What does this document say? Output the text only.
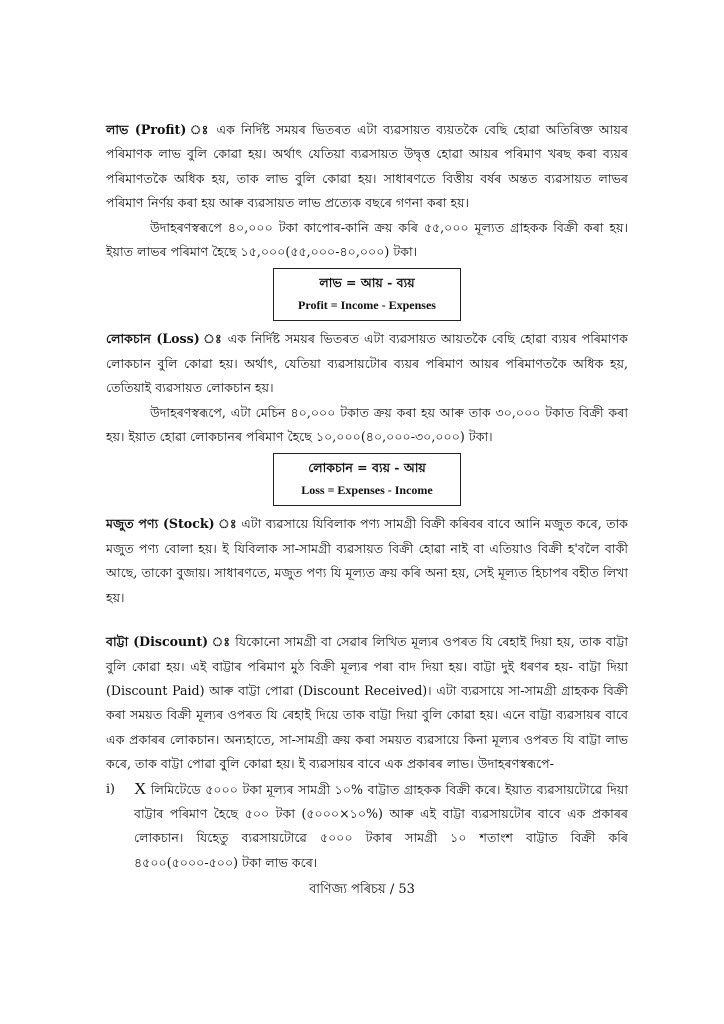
লাভ (Profit) ঃ এক নির্দিষ্ট সময়ৰ ভিতৰত এটা ব্যৱসায়ত ব্যয়তকৈ বেছি হোৱা অতিৰিক্ত আয়ৰ পৰিমাণক লাভ বুলি কোৱা হয়। অৰ্থাৎ যেতিয়া ব্যৱসায়ত উদ্বৃত্ত হোৱা আয়ৰ পৰিমাণ খৰছ কৰা ব্যয়ৰ পৰিমাণতকৈ অধিক হয়, তাক লাভ বুলি কোৱা হয়। সাধাৰণতে বিত্তীয় বৰ্ষৰ অন্তত ব্যৱসায়ত লাভৰ পৰিমাণ নিৰ্ণয় কৰা হয় আৰু ব্যৱসায়ত লাভ প্ৰত্যেক বছৰে গণনা কৰা হয়।

উদাহৰণস্বৰূপে ৪০,০০০ টকা কাপোৰ-কানি ক্ৰয় কৰি ৫৫,০০০ মূল্যত গ্ৰাহকক বিক্ৰী কৰা হয়। ইয়াত লাভৰ পৰিমাণ হৈছে ১৫,০০০(৫৫,০০০-৪০,০০০) টকা।

লাভ = আয় - ব্যয়
Profit = Income - Expenses

লোকচান (Loss) ঃ এক নিৰ্দিষ্ট সময়ৰ ভিতৰত এটা ব্যৱসায়ত আয়তকৈ বেছি হোৱা ব্যয়ৰ পৰিমাণক লোকচান বুলি কোৱা হয়। অৰ্থাৎ, যেতিয়া ব্যৱসায়টোৰ ব্যয়ৰ পৰিমাণ আয়ৰ পৰিমাণতকৈ অধিক হয়, তেতিয়াই ব্যৱসায়ত লোকচান হয়।

উদাহৰণস্বৰূপে, এটা মেচিন ৪০,০০০ টকাত ক্ৰয় কৰা হয় আৰু তাক ৩০,০০০ টকাত বিক্ৰী কৰা হয়। ইয়াত হোৱা লোকচানৰ পৰিমাণ হৈছে ১০,০০০(৪০,০০০-৩০,০০০) টকা।

লোকচান = ব্যয় - আয়
Loss = Expenses - Income

মজুত পণ্য (Stock) ঃ এটা ব্যৱসায়ে যিবিলাক পণ্য সামগ্ৰী বিক্ৰী কৰিবৰ বাবে আনি মজুত কৰে, তাক মজুত পণ্য বোলা হয়। ই যিবিলাক সা-সামগ্ৰী ব্যৱসায়ত বিক্ৰী হোৱা নাই বা এতিয়াও বিক্ৰী হ'বলৈ বাকী আছে, তাকো বুজায়। সাধাৰণতে, মজুত পণ্য যি মূল্যত ক্ৰয় কৰি অনা হয়, সেই মূল্যত হিচাপৰ বহীত লিখা হয়।

বাট্টা (Discount) ঃ যিকোনো সামগ্ৰী বা সেৱাৰ লিখিত মূল্যৰ ওপৰত যি ৰেহাই দিয়া হয়, তাক বাট্টা বুলি কোৱা হয়। এই বাট্টাৰ পৰিমাণ মুঠ বিক্ৰী মূল্যৰ পৰা বাদ দিয়া হয়। বাট্টা দুই ধৰণৰ হয়- বাট্টা দিয়া (Discount Paid) আৰু বাট্টা পোৱা (Discount Received)। এটা ব্যৱসায়ে সা-সামগ্ৰী গ্ৰাহকক বিক্ৰী কৰা সময়ত বিক্ৰী মূল্যৰ ওপৰত যি ৰেহাই দিয়ে তাক বাট্টা দিয়া বুলি কোৱা হয়। এনে বাট্টা ব্যৱসায়ৰ বাবে এক প্ৰকাৰৰ লোকচান। অন্যহাতে, সা-সামগ্ৰী ক্ৰয় কৰা সময়ত ব্যৱসায়ে কিনা মূল্যৰ ওপৰত যি বাট্টা লাভ কৰে, তাক বাট্টা পোৱা বুলি কোৱা হয়। ই ব্যৱসায়ৰ বাবে এক প্ৰকাৰৰ লাভ। উদাহৰণস্বৰূপে-

i)	X লিমিটেডে ৫০০০ টকা মূল্যৰ সামগ্ৰী ১০% বাট্টাত গ্ৰাহকক বিক্ৰী কৰে। ইয়াত ব্যৱসায়টোৱে দিয়া বাট্টাৰ পৰিমাণ হৈছে ৫০০ টকা (৫০০০×১০%) আৰু এই বাট্টা ব্যৱসায়টোৰ বাবে এক প্ৰকাৰৰ লোকচান। যিহেতু ব্যৱসায়টোৱে ৫০০০ টকাৰ সামগ্ৰী ১০ শতাংশ বাট্টাত বিক্ৰী কৰি ৪৫০০(৫০০০-৫০০) টকা লাভ কৰে।

বাণিজ্য পৰিচয় / 53
